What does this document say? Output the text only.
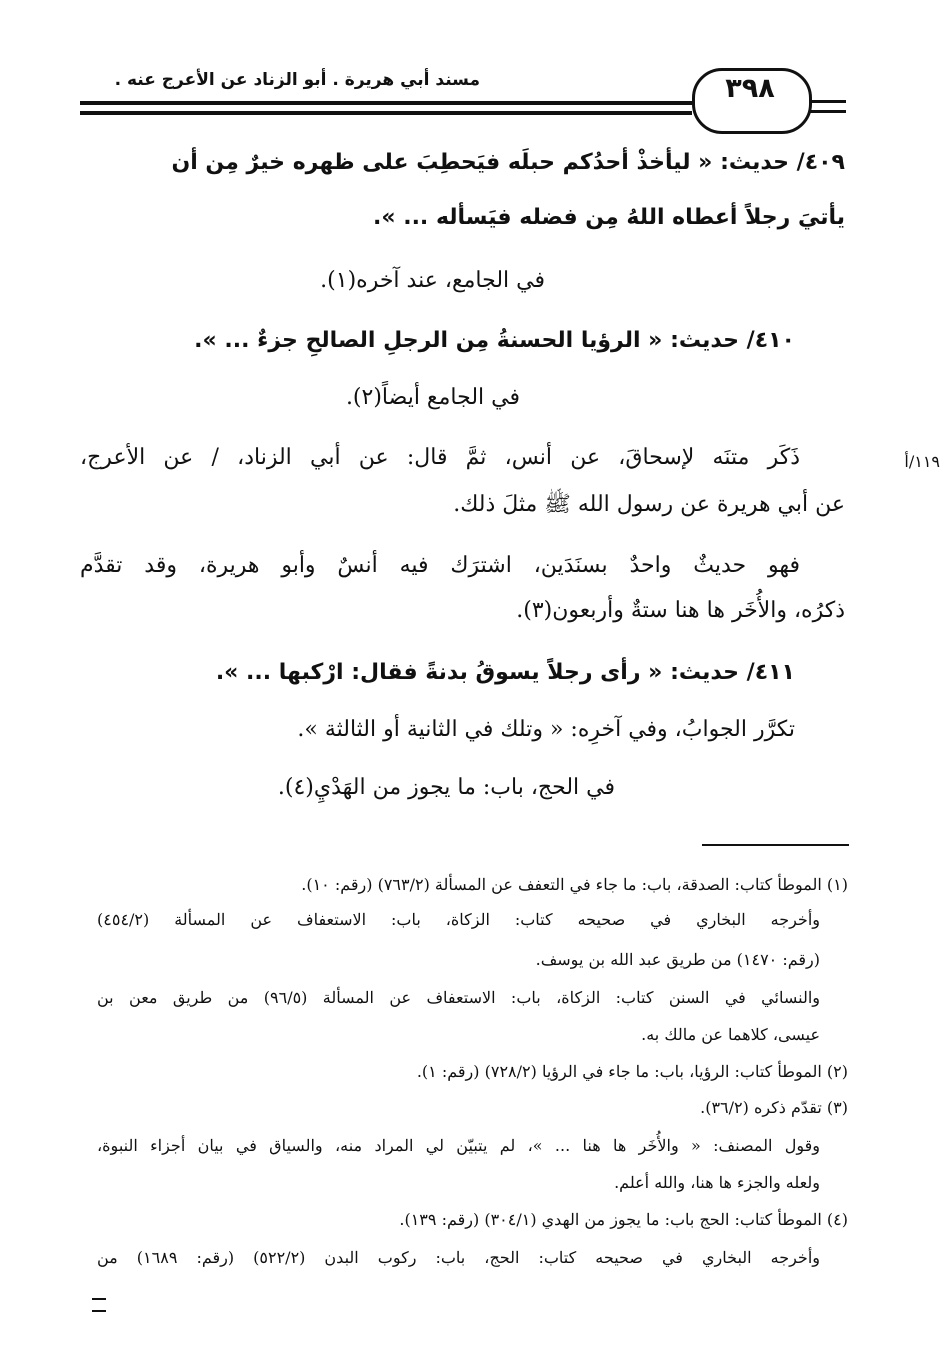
مسند أبي هريرة . أبو الزناد عن الأعرج عنه .	٣٩٨
١١٩/أ
٤٠٩/ حديث: « ليأخذْ أحدُكم حبلَه فيَحطِبَ على ظهره خيرٌ مِن أن
يأتيَ رجلاً أعطاه اللهُ مِن فضله فيَسأله ... ».
في الجامع، عند آخره(١).
٤١٠/ حديث: « الرؤيا الحسنةُ مِن الرجلِ الصالحِ جزءٌ ... ».
في الجامع أيضاً(٢).
ذَكَر متنَه لإسحاقَ، عن أنس، ثمَّ قال: عن أبي الزناد، / عن الأعرج،
عن أبي هريرة عن رسول الله ﷺ مثلَ ذلك.
فهو حديثٌ واحدٌ بسنَدَين، اشترَك فيه أنسٌ وأبو هريرة، وقد تقدَّم
ذكرُه، والأُخَر ها هنا ستةٌ وأربعون(٣).
٤١١/ حديث: « رأى رجلاً يسوقُ بدنةً فقال: ارْكبها ... ».
تكرَّر الجوابُ، وفي آخرِه: « وتلك في الثانية أو الثالثة ».
في الحج، باب: ما يجوز من الهَدْيِ(٤).
(١) الموطأ كتاب: الصدقة، باب: ما جاء في التعفف عن المسألة (٧٦٣/٢) (رقم: ١٠).
وأخرجه البخاري في صحيحه كتاب: الزكاة، باب: الاستعفاف عن المسألة (٤٥٤/٢)
(رقم: ١٤٧٠) من طريق عبد الله بن يوسف.
والنسائي في السنن كتاب: الزكاة، باب: الاستعفاف عن المسألة (٩٦/٥) من طريق معن بن
عيسى، كلاهما عن مالك به.
(٢) الموطأ كتاب: الرؤيا، باب: ما جاء في الرؤيا (٧٢٨/٢) (رقم: ١).
(٣) تقدّم ذكره (٣٦/٢).
وقول المصنف: « والأُخَر ها هنا ... »، لم يتبيّن لي المراد منه، والسياق في بيان أجزاء النبوة،
ولعله والجزء ها هنا، والله أعلم.
(٤) الموطأ كتاب: الحج باب: ما يجوز من الهدي (٣٠٤/١) (رقم: ١٣٩).
وأخرجه البخاري في صحيحه كتاب: الحج، باب: ركوب البدن (٥٢٢/٢) (رقم: ١٦٨٩) من
